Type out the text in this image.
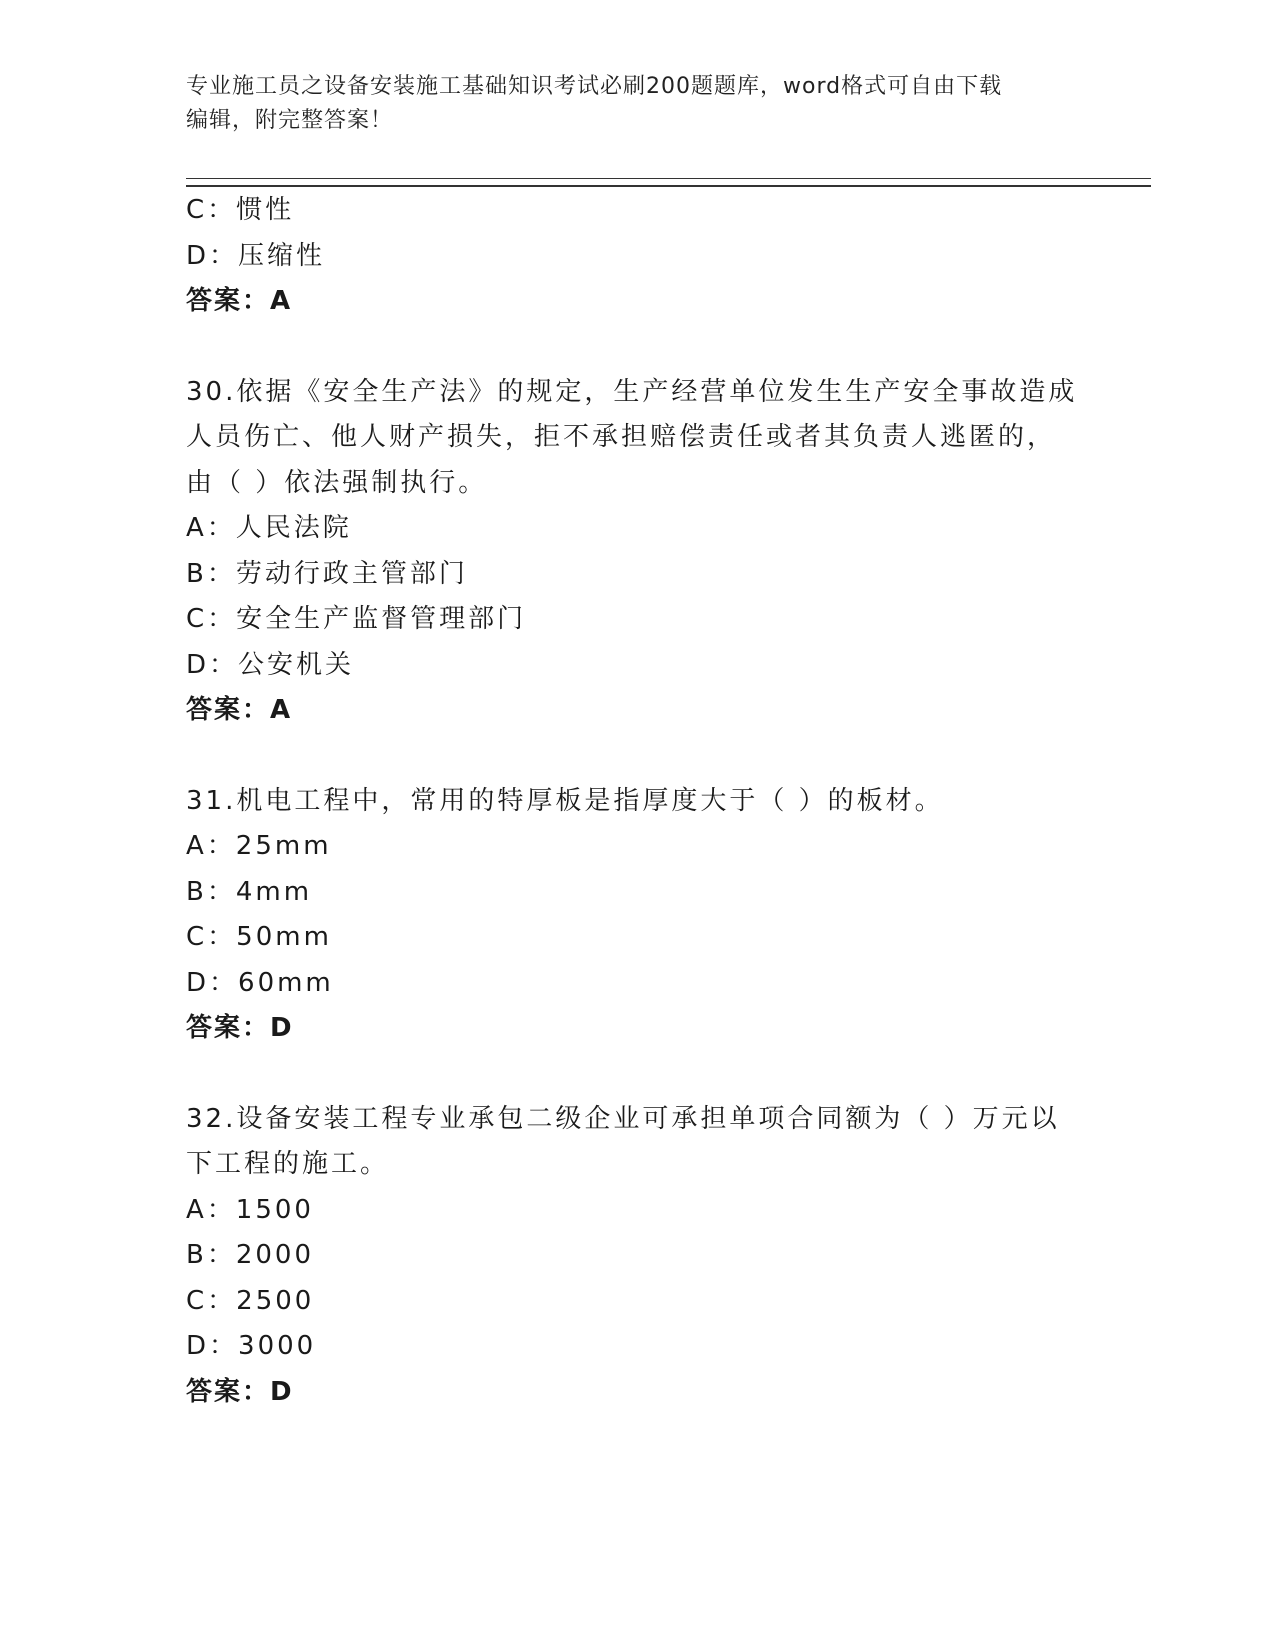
专业施工员之设备安装施工基础知识考试必刷200题题库，word格式可自由下载
编辑，附完整答案！
C：惯性
D：压缩性
答案：A
30.依据《安全生产法》的规定，生产经营单位发生生产安全事故造成
人员伤亡、他人财产损失，拒不承担赔偿责任或者其负责人逃匿的，
由（ ）依法强制执行。
A：人民法院
B：劳动行政主管部门
C：安全生产监督管理部门
D：公安机关
答案：A
31.机电工程中，常用的特厚板是指厚度大于（ ）的板材。
A：25mm
B：4mm
C：50mm
D：60mm
答案：D
32.设备安装工程专业承包二级企业可承担单项合同额为（ ）万元以
下工程的施工。
A：1500
B：2000
C：2500
D：3000
答案：D
